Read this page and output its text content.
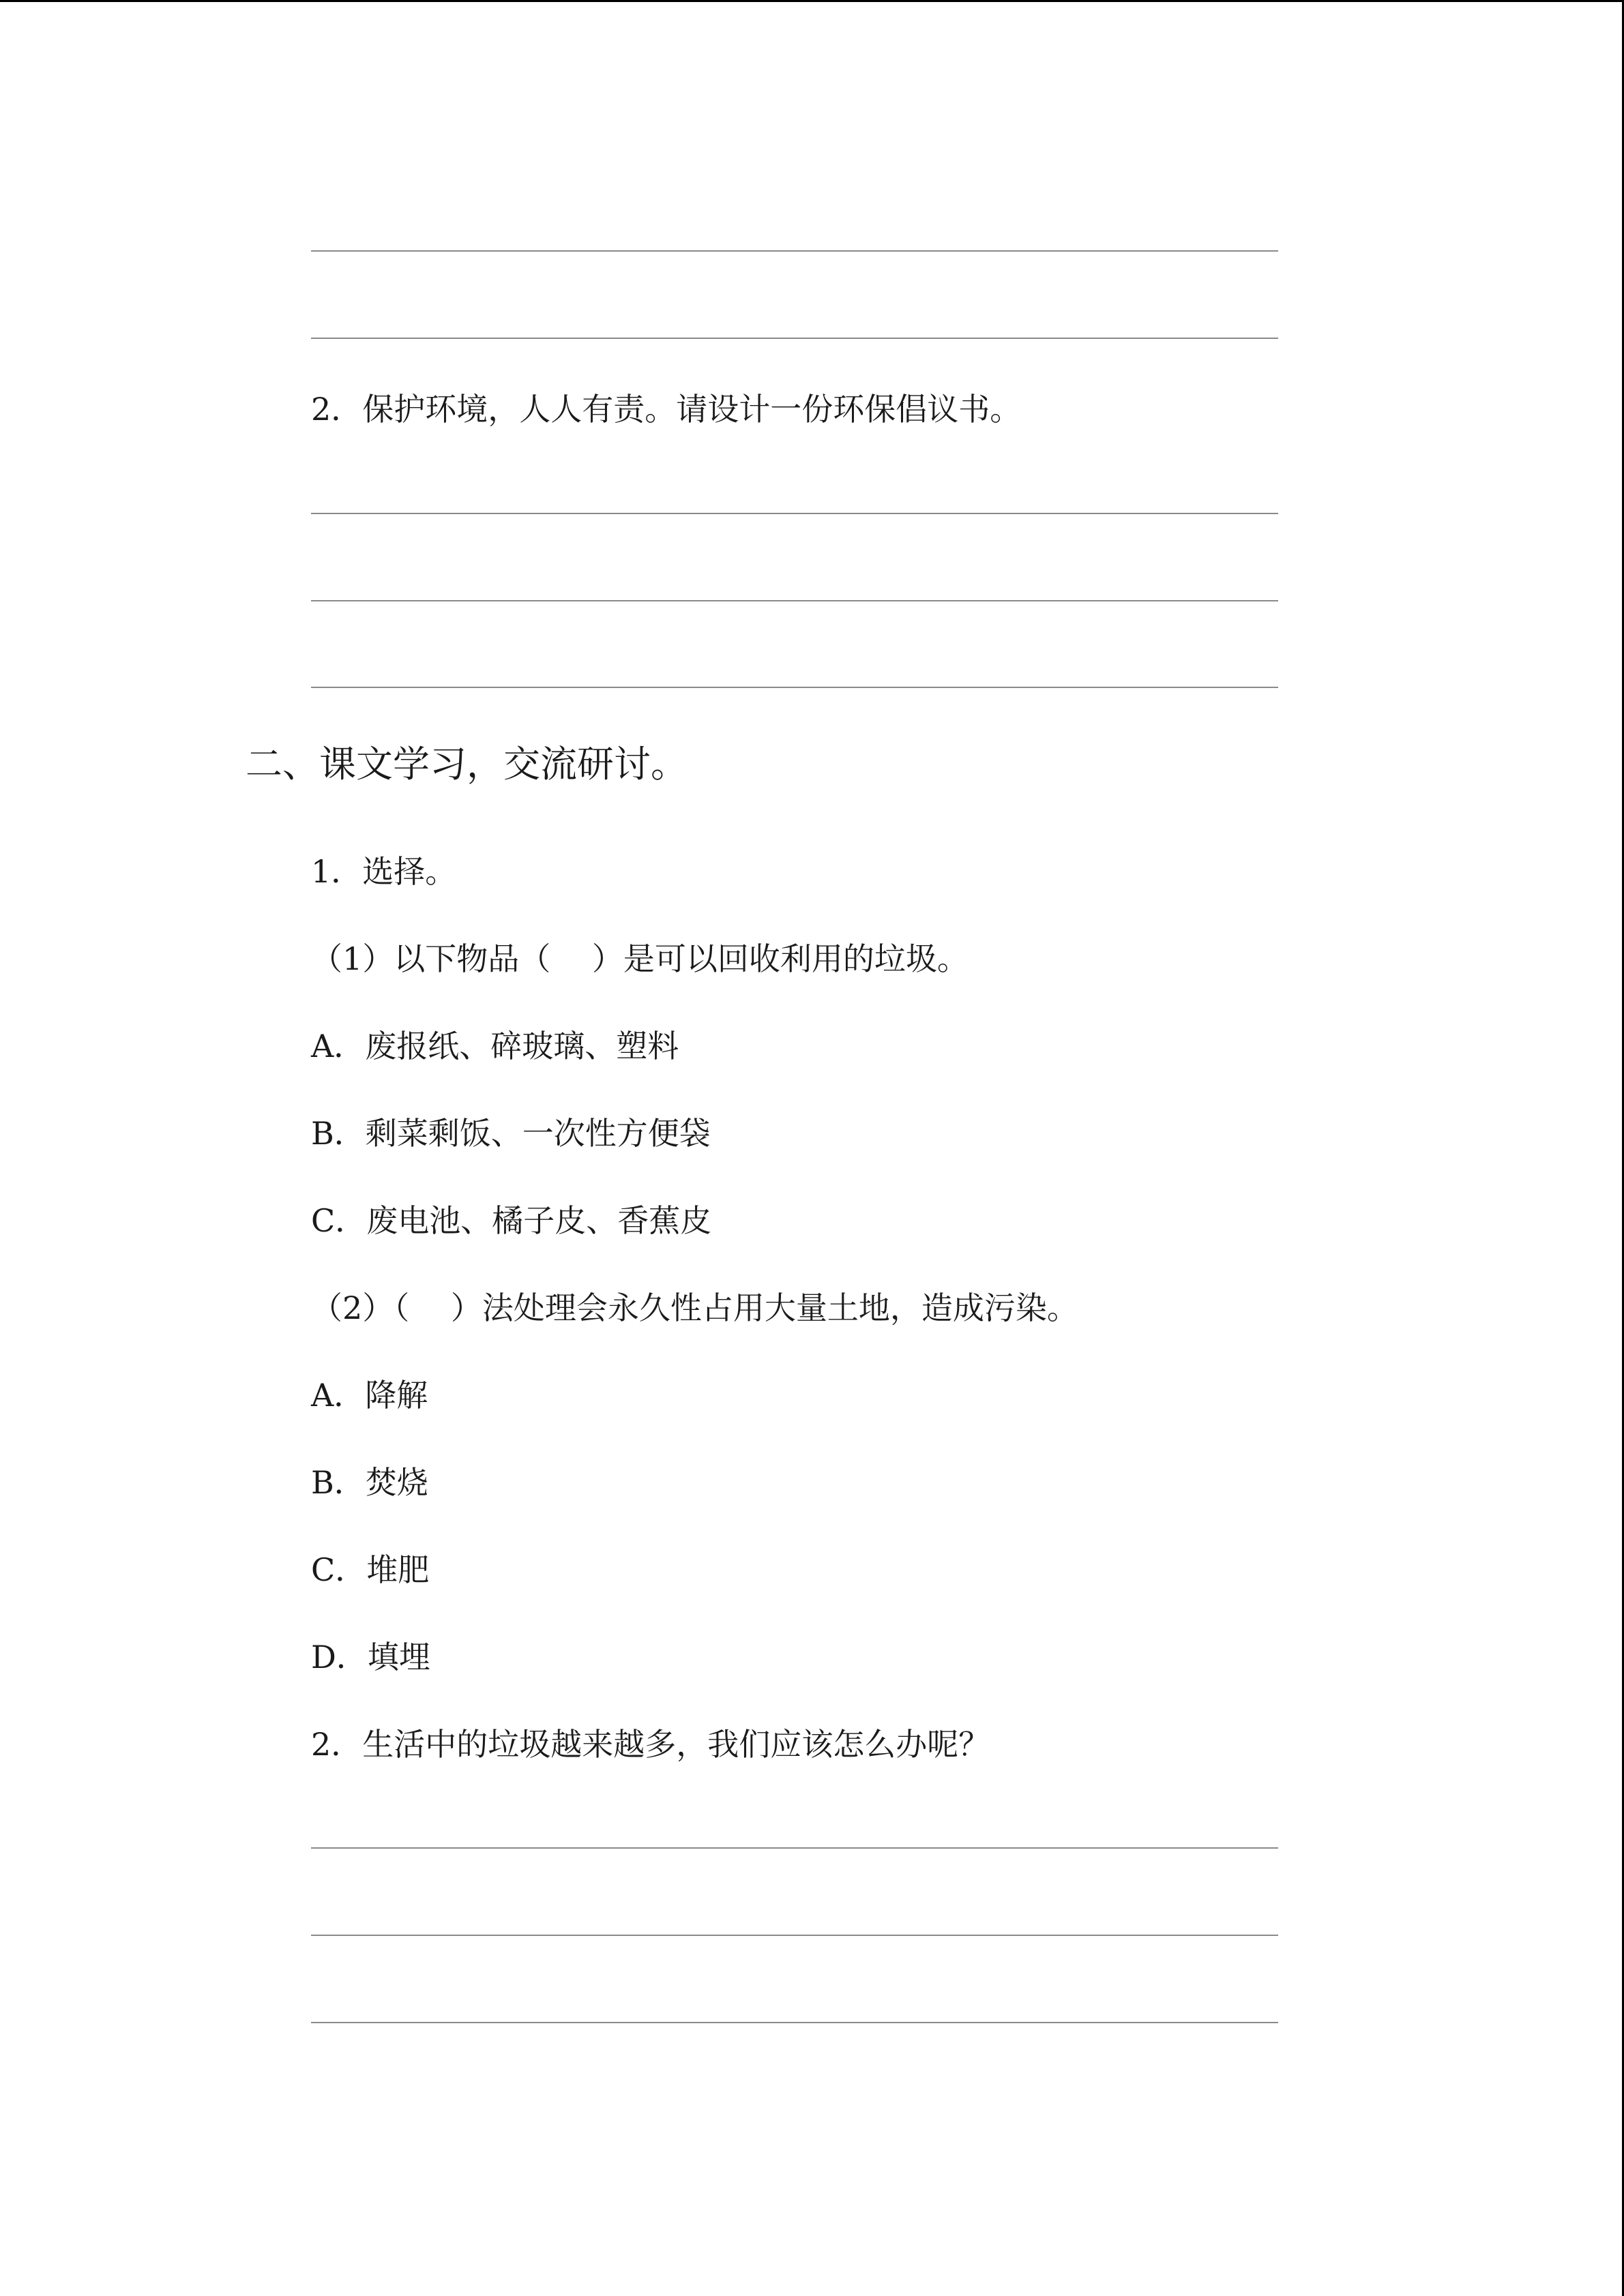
2．保护环境，人人有责。请设计一份环保倡议书。
二、课文学习，交流研讨。
1．选择。
（1）以下物品（　 ）是可以回收利用的垃圾。
A．废报纸、碎玻璃、塑料
B．剩菜剩饭、一次性方便袋
C．废电池、橘子皮、香蕉皮
（2）（　 ）法处理会永久性占用大量土地，造成污染。
A．降解
B．焚烧
C．堆肥
D．填埋
2．生活中的垃圾越来越多，我们应该怎么办呢？
